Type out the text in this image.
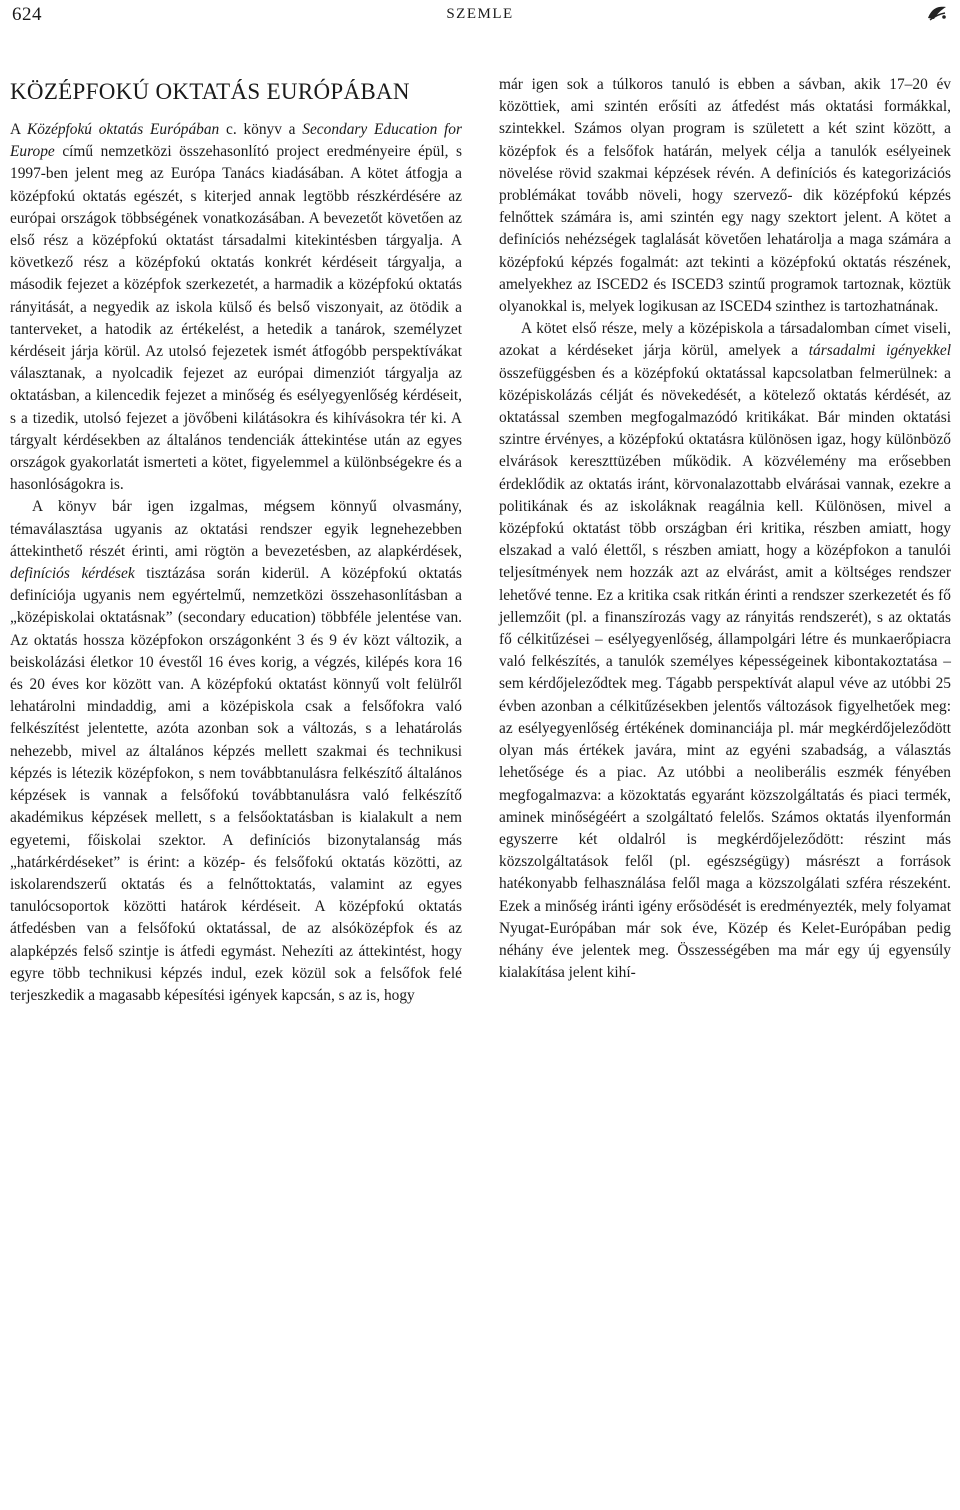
624	SZEMLE
KÖZÉPFOKÚ OKTATÁS EURÓPÁBAN

A Középfokú oktatás Európában c. könyv a Secondary Education for Europe című nemzetközi összehasonlító project eredményeire épül, s 1997-ben jelent meg az Európa Tanács kiadásában. A kötet átfogja a középfokú oktatás egészét, s kiterjed annak legtöbb részkérdésére az európai országok többségének vonatkozásában. A bevezetőt követően az első rész a középfokú oktatást társadalmi kitekintésben tárgyalja. A következő rész a középfokú oktatás konkrét kérdéseit tárgyalja, a második fejezet a középfok szerkezetét, a harmadik a középfokú oktatás rányitását, a negyedik az iskola külső és belső viszonyait, az ötödik a tanterveket, a hatodik az értékelést, a hetedik a tanárok, személyzet kérdéseit járja körül. Az utolsó fejezetek ismét átfogóbb perspektívákat választanak, a nyolcadik fejezet az európai dimenziót tárgyalja az oktatásban, a kilencedik fejezet a minőség és esélyegyenlőség kérdéseit, s a tizedik, utolsó fejezet a jövőbeni kilátásokra és kihívásokra tér ki. A tárgyalt kérdésekben az általános tendenciák áttekintése után az egyes országok gyakorlatát ismerteti a kötet, figyelemmel a különbségekre és a hasonlóságokra is.

A könyv bár igen izgalmas, mégsem könnyű olvasmány, témaválasztása ugyanis az oktatási rendszer egyik legnehezebben áttekinthető részét érinti, ami rögtön a bevezetésben, az alapkérdések, definíciós kérdések tisztázása során kiderül. A középfokú oktatás definíciója ugyanis nem egyértelmű, nemzetközi összehasonlításban a „középiskolai oktatásnak” (secondary education) többféle jelentése van. Az oktatás hossza középfokon országonként 3 és 9 év közt változik, a beiskolázási életkor 10 évestől 16 éves korig, a végzés, kilépés kora 16 és 20 éves kor között van. A középfokú oktatást könnyű volt felülről lehatárolni mindaddig, ami a középiskola csak a felsőfokra való felkészítést jelentette, azóta azonban sok a változás, s a lehatárolás nehezebb, mivel az általános képzés mellett szakmai és technikusi képzés is létezik középfokon, s nem továbbtanulásra felkészítő általános képzések is vannak a felsőfokú továbbtanulásra való felkészítő akadémikus képzések mellett, s a felsőoktatásban is kialakult a nem egyetemi, főiskolai szektor. A definíciós bizonytalanság más „határkérdéseket” is érint: a közép- és felsőfokú oktatás közötti, az iskolarendszerű oktatás és a felnőttoktatás, valamint az egyes tanulócsoportok közötti határok kérdéseit. A középfokú oktatás átfedésben van a felsőfokú oktatással, de az alsóközépfok és az alapképzés felső szintje is átfedi egymást. Nehezíti az áttekintést, hogy egyre több technikusi képzés indul, ezek közül sok a felsőfok felé terjeszkedik a magasabb képesítési igények kapcsán, s az is, hogy

már igen sok a túlkoros tanuló is ebben a sávban, akik 17–20 év közöttiek, ami szintén erősíti az átfedést más oktatási formákkal, szintekkel. Számos olyan program is született a két szint között, a középfok és a felsőfok határán, melyek célja a tanulók esélyeinek növelése rövid szakmai képzések révén. A definíciós és kategorizációs problémákat tovább növeli, hogy szervező- dik középfokú képzés felnőttek számára is, ami szintén egy nagy szektort jelent. A kötet a definíciós nehézségek taglalását követően lehatárolja a maga számára a középfokú képzés fogalmát: azt tekinti a középfokú oktatás részének, amelyekhez az ISCED2 és ISCED3 szintű programok tartoznak, köztük olyanokkal is, melyek logikusan az ISCED4 szinthez is tartozhatnának.

A kötet első része, mely a középiskola a társadalomban címet viseli, azokat a kérdéseket járja körül, amelyek a társadalmi igényekkel összefüggésben és a középfokú oktatással kapcsolatban felmerülnek: a középiskolázás célját és növekedését, a kötelező oktatás kérdését, az oktatással szemben megfogalmazódó kritikákat. Bár minden oktatási szintre érvényes, a középfokú oktatásra különösen igaz, hogy különböző elvárások kereszttüzében működik. A közvélemény ma erősebben érdeklődik az oktatás iránt, körvonalazottabb elvárásai vannak, ezekre a politikának és az iskoláknak reagálnia kell. Különösen, mivel a középfokú oktatást több országban éri kritika, részben amiatt, hogy elszakad a való élettől, s részben amiatt, hogy a középfokon a tanulói teljesítmények nem hozzák azt az elvárást, amit a költséges rendszer lehetővé tenne. Ez a kritika csak ritkán érinti a rendszer szerkezetét és fő jellemzőit (pl. a finanszírozás vagy az rányitás rendszerét), s az oktatás fő célkitűzései – esélyegyenlőség, állampolgári létre és munkaerőpiacra való felkészítés, a tanulók személyes képességeinek kibontakoztatása – sem kérdőjeleződtek meg. Tágabb perspektívát alapul véve az utóbbi 25 évben azonban a célkitűzésekben jelentős változások figyelhetőek meg: az esélyegyenlőség értékének dominanciája pl. már megkérdőjeleződött olyan más értékek javára, mint az egyéni szabadság, a választás lehetősége és a piac. Az utóbbi a neoliberális eszmék fényében megfogalmazva: a közoktatás egyaránt közszolgáltatás és piaci termék, aminek minőségéért a szolgáltató felelős. Számos oktatás ilyenformán egyszerre két oldalról is megkérdőjeleződött: részint más közszolgáltatások felől (pl. egészségügy) másrészt a források hatékonyabb felhasználása felől maga a közszolgálati szféra részeként. Ezek a minőség iránti igény erősödését is eredményezték, mely folyamat Nyugat-Európában már sok éve, Közép és Kelet-Európában pedig néhány éve jelentek meg. Összességében ma már egy új egyensúly kialakítása jelent kihí-
